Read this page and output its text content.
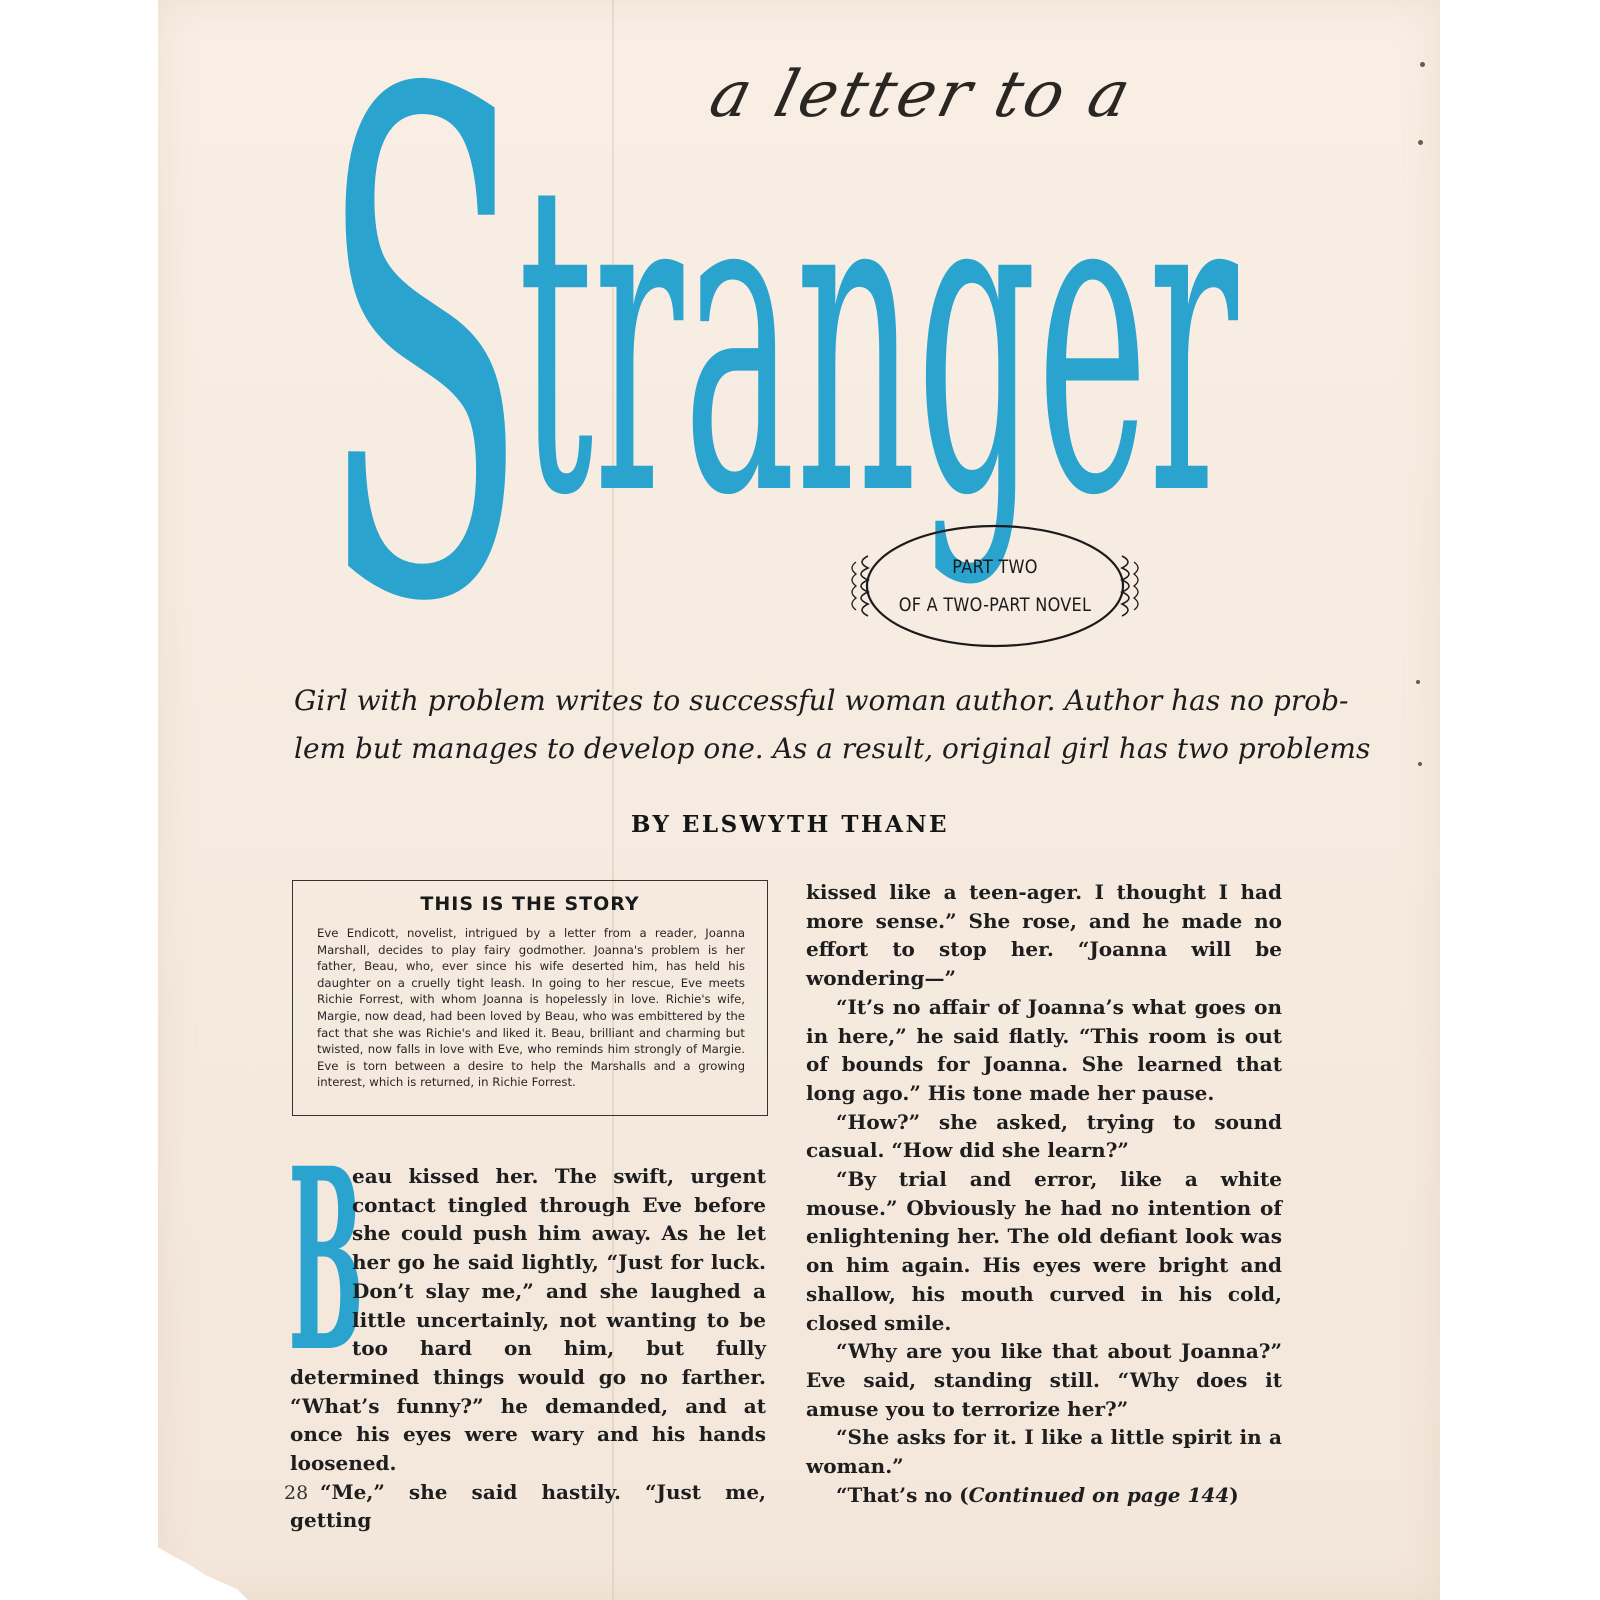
a letter to a
S
tranger
PART TWO
OF A TWO-PART NOVEL
Girl with problem writes to successful woman author. Author has no prob-
lem but manages to develop one. As a result, original girl has two problems
BY ELSWYTH THANE
THIS IS THE STORY
Eve Endicott, novelist, intrigued by a letter from a reader, Joanna Marshall, decides to play fairy godmother. Joanna's problem is her father, Beau, who, ever since his wife deserted him, has held his daughter on a cruelly tight leash. In going to her rescue, Eve meets Richie Forrest, with whom Joanna is hopelessly in love. Richie's wife, Margie, now dead, had been loved by Beau, who was embittered by the fact that she was Richie's and liked it. Beau, brilliant and charming but twisted, now falls in love with Eve, who reminds him strongly of Margie. Eve is torn between a desire to help the Marshalls and a growing interest, which is returned, in Richie Forrest.
B

eau kissed her. The swift, urgent contact tingled through Eve before she could push him away. As he let her go he said lightly, “Just for luck. Don’t slay me,” and she laughed a little uncertainly, not wanting to be too hard on him, but fully determined things would go no farther. “What’s funny?” he demanded, and at once his eyes were wary and his hands loosened.

“Me,” she said hastily. “Just me, getting

kissed like a teen-ager. I thought I had more sense.” She rose, and he made no effort to stop her. “Joanna will be wondering—”

“It’s no affair of Joanna’s what goes on in here,” he said flatly. “This room is out of bounds for Joanna. She learned that long ago.” His tone made her pause.

“How?” she asked, trying to sound casual. “How did she learn?”

“By trial and error, like a white mouse.” Obviously he had no intention of enlightening her. The old defiant look was on him again. His eyes were bright and shallow, his mouth curved in his cold, closed smile.

“Why are you like that about Joanna?” Eve said, standing still. “Why does it amuse you to terrorize her?”

“She asks for it. I like a little spirit in a woman.”

“That’s no (Continued on page 144)

28
